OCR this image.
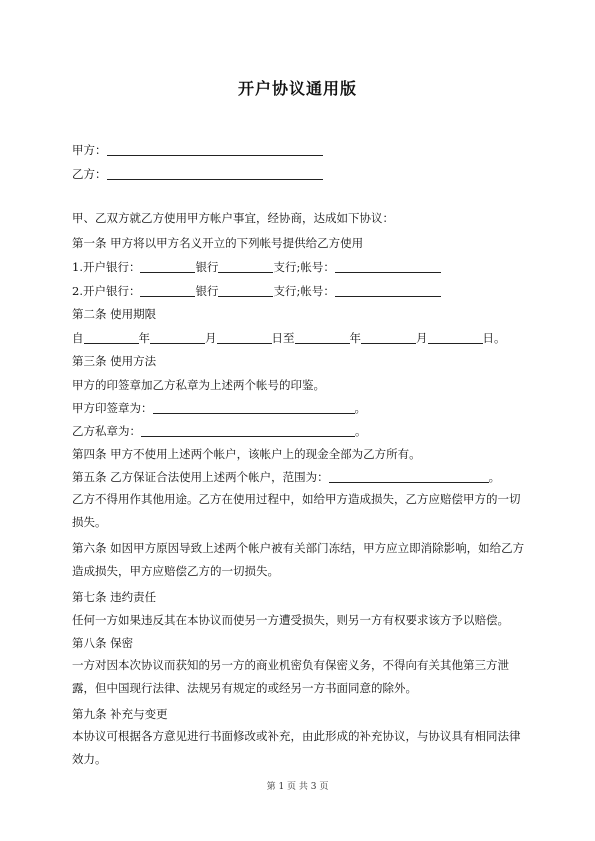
开户协议通用版
甲方：
乙方：
甲、乙双方就乙方使用甲方帐户事宜，经协商，达成如下协议：
第一条 甲方将以甲方名义开立的下列帐号提供给乙方使用
1.开户银行：	银行	支行;帐号：
2.开户银行：	银行	支行;帐号：
第二条 使用期限
自	年	月	日至	年	月	日。
第三条 使用方法
甲方的印签章加乙方私章为上述两个帐号的印鉴。
甲方印签章为：	。
乙方私章为：	。
第四条 甲方不使用上述两个帐户，该帐户上的现金全部为乙方所有。
第五条 乙方保证合法使用上述两个帐户，范围为：	。
乙方不得用作其他用途。乙方在使用过程中，如给甲方造成损失，乙方应赔偿甲方的一切损失。
第六条 如因甲方原因导致上述两个帐户被有关部门冻结，甲方应立即消除影响，如给乙方造成损失，甲方应赔偿乙方的一切损失。
第七条 违约责任
任何一方如果违反其在本协议而使另一方遭受损失，则另一方有权要求该方予以赔偿。
第八条 保密
一方对因本次协议而获知的另一方的商业机密负有保密义务，不得向有关其他第三方泄露，但中国现行法律、法规另有规定的或经另一方书面同意的除外。
第九条 补充与变更
本协议可根据各方意见进行书面修改或补充，由此形成的补充协议，与协议具有相同法律效力。
第 1 页 共 3 页
